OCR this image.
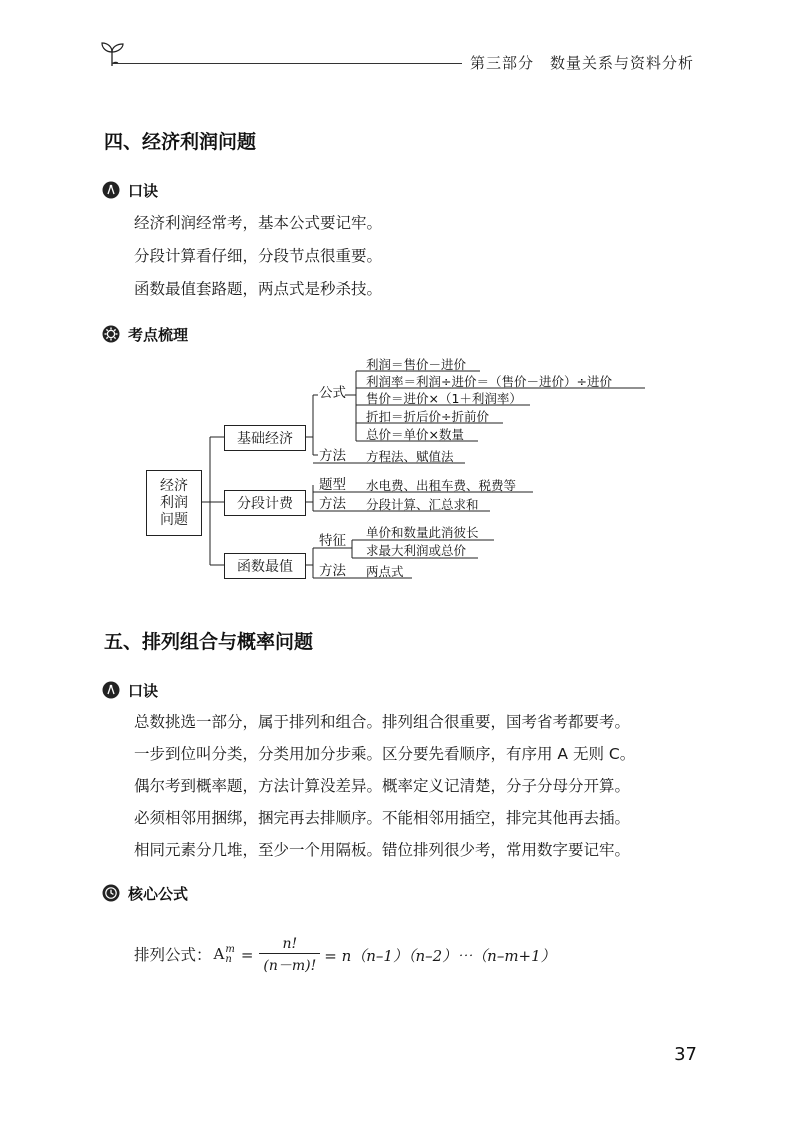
第三部分　数量关系与资料分析
四、经济利润问题
口诀
经济利润经常考，基本公式要记牢。
分段计算看仔细，分段节点很重要。
函数最值套路题，两点式是秒杀技。
考点梳理
经济
利润
问题
基础经济
分段计费
函数最值
公式
利润＝售价－进价
利润率＝利润÷进价＝（售价－进价）÷进价
售价＝进价×（1＋利润率）
折扣＝折后价÷折前价
总价＝单价×数量
方法 方程法、赋值法
题型 水电费、出租车费、税费等
方法 分段计算、汇总求和
特征
单价和数量此消彼长
求最大利润或总价
方法 两点式
五、排列组合与概率问题
口诀
总数挑选一部分，属于排列和组合。排列组合很重要，国考省考都要考。
一步到位叫分类，分类用加分步乘。区分要先看顺序，有序用 A 无则 C。
偶尔考到概率题，方法计算没差异。概率定义记清楚，分子分母分开算。
必须相邻用捆绑，捆完再去排顺序。不能相邻用插空，排完其他再去插。
相同元素分几堆，至少一个用隔板。错位排列很少考，常用数字要记牢。
核心公式
排列公式： A m
n =
n!
(n－m)!
= n（n–1）（n–2）⋯（n–m+1）
37
